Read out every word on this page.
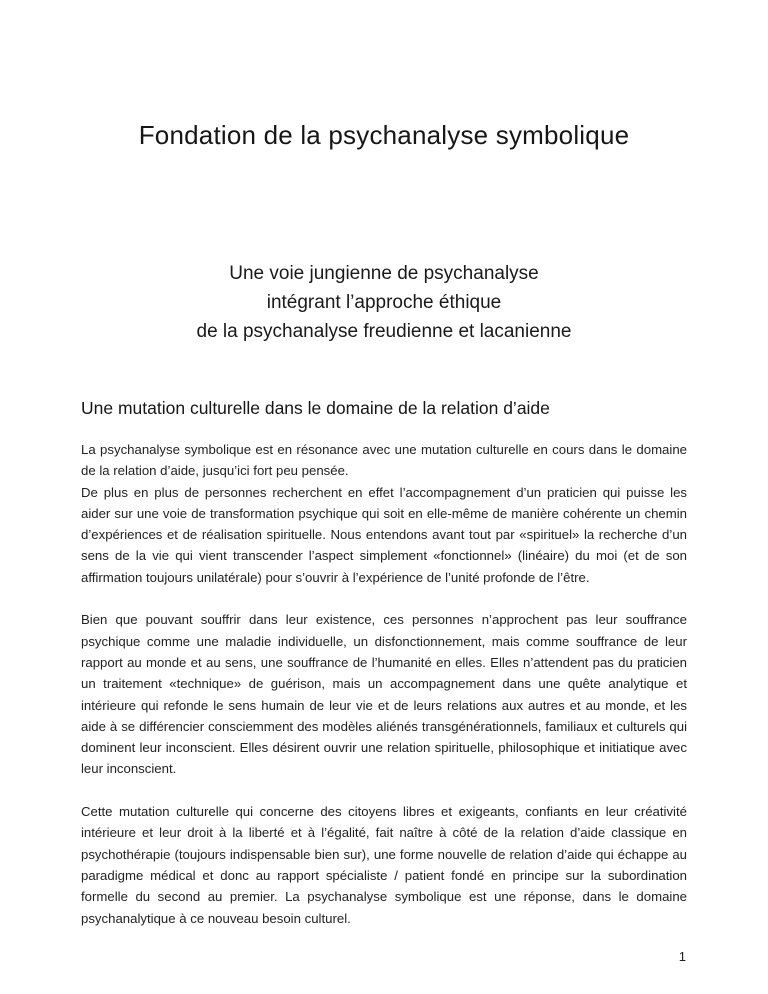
Fondation de la psychanalyse symbolique
Une voie jungienne de psychanalyse
intégrant l’approche éthique
de la psychanalyse freudienne et lacanienne
Une mutation culturelle dans le domaine de la relation d’aide

La psychanalyse symbolique est en résonance avec une mutation culturelle en cours dans le domaine de la relation d’aide, jusqu’ici fort peu pensée.

De plus en plus de personnes recherchent en effet l’accompagnement d’un praticien qui puisse les aider sur une voie de transformation psychique qui soit en elle-même de manière cohérente un chemin d’expériences et de réalisation spirituelle. Nous entendons avant tout par «spirituel» la recherche d’un sens de la vie qui vient transcender l’aspect simplement «fonctionnel» (linéaire) du moi (et de son affirmation toujours unilatérale) pour s’ouvrir à l’expérience de l’unité profonde de l’être.

Bien que pouvant souffrir dans leur existence, ces personnes n’approchent pas leur souffrance psychique comme une maladie individuelle, un disfonctionnement, mais comme souffrance de leur rapport au monde et au sens, une souffrance de l’humanité en elles. Elles n’attendent pas du praticien un traitement «technique» de guérison, mais un accompagnement dans une quête analytique et intérieure qui refonde le sens humain de leur vie et de leurs relations aux autres et au monde, et les aide à se différencier consciemment des modèles aliénés transgénérationnels, familiaux et culturels qui dominent leur inconscient. Elles désirent ouvrir une relation spirituelle, philosophique et initiatique avec leur inconscient.

Cette mutation culturelle qui concerne des citoyens libres et exigeants, confiants en leur créativité intérieure et leur droit à la liberté et à l’égalité, fait naître à côté de la relation d’aide classique en psychothérapie (toujours indispensable bien sur), une forme nouvelle de relation d’aide qui échappe au paradigme médical et donc au rapport spécialiste / patient fondé en principe sur la subordination formelle du second au premier. La psychanalyse symbolique est une réponse, dans le domaine psychanalytique à ce nouveau besoin culturel.

1
